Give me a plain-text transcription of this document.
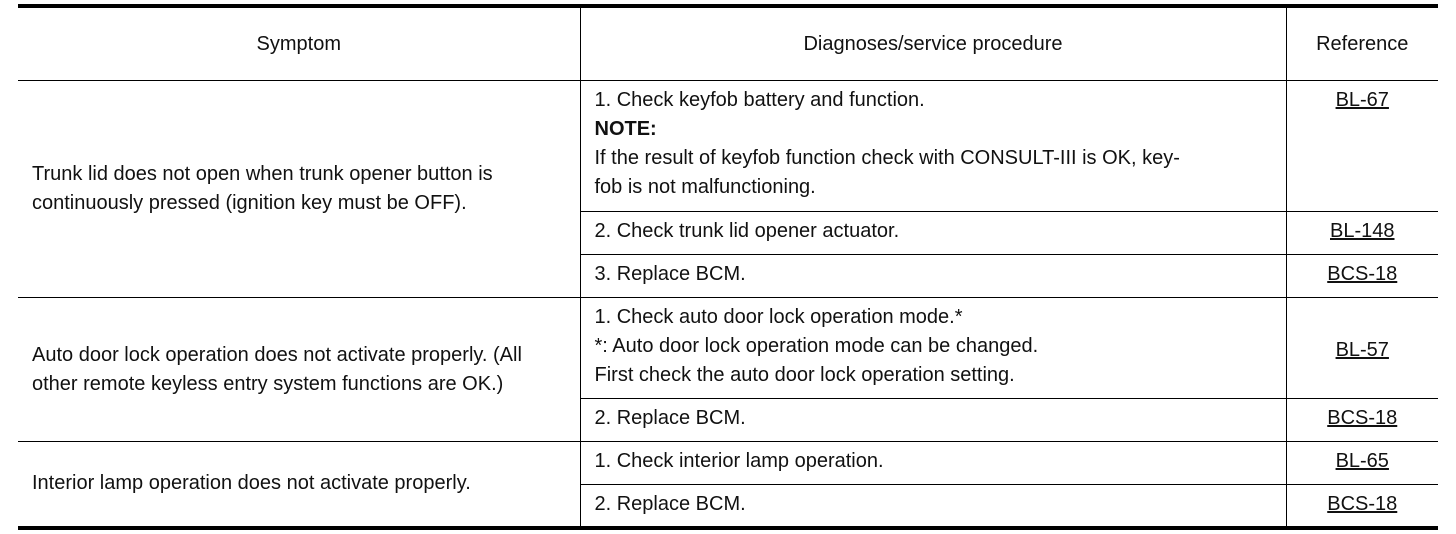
Symptom	Diagnoses/service procedure	Reference
Trunk lid does not open when trunk opener button is continuously pressed (ignition key must be OFF).	1. Check keyfob battery and function.
NOTE:
If the result of keyfob function check with CONSULT-III is OK, key-
fob is not malfunctioning.	BL-67
	2. Check trunk lid opener actuator.	BL-148
	3. Replace BCM.	BCS-18
Auto door lock operation does not activate properly. (All other remote keyless entry system functions are OK.)	1. Check auto door lock operation mode.*
*: Auto door lock operation mode can be changed.
First check the auto door lock operation setting.	BL-57
	2. Replace BCM.	BCS-18
Interior lamp operation does not activate properly.	1. Check interior lamp operation.	BL-65
	2. Replace BCM.	BCS-18
